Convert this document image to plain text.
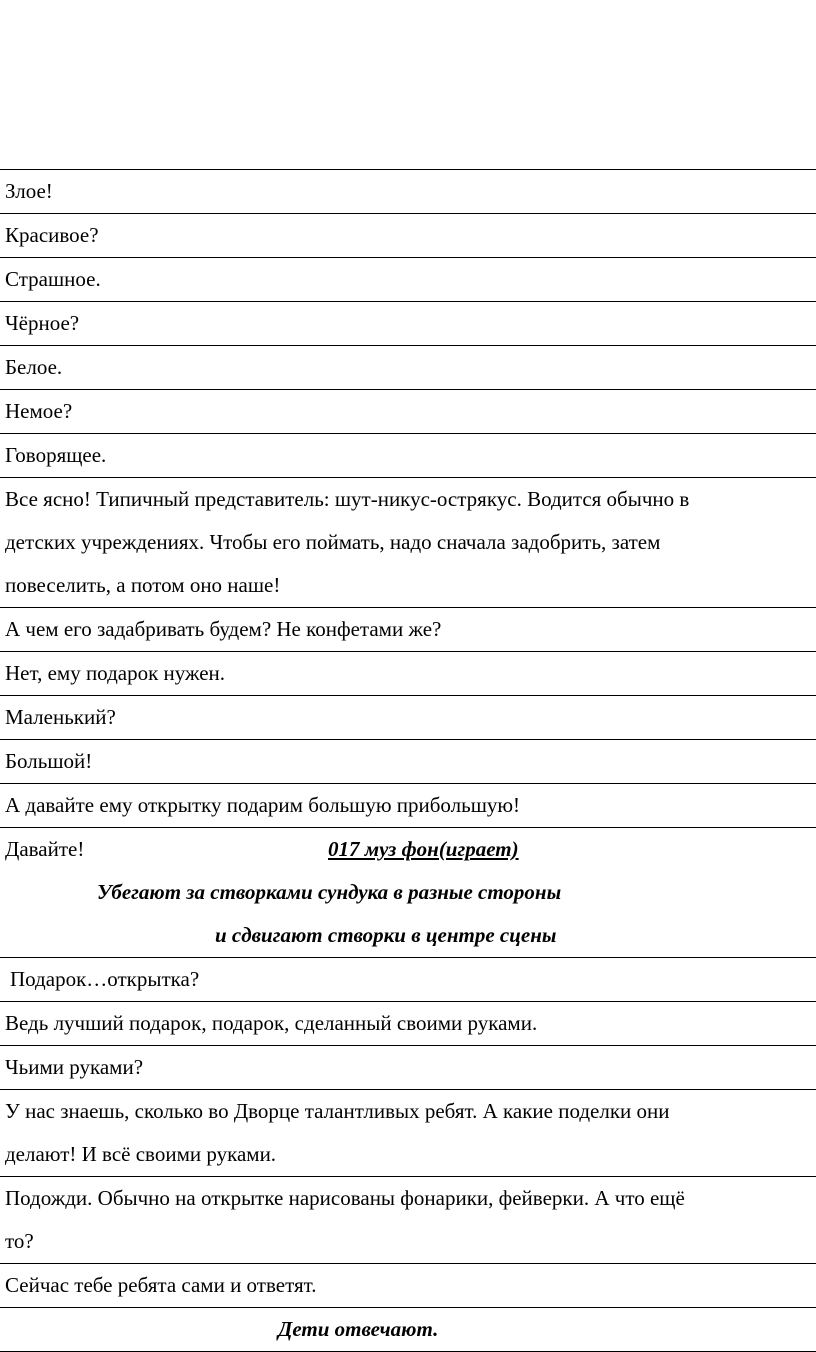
Злое!
Красивое?
Страшное.
Чёрное?
Белое.
Немое?
Говорящее.
Все ясно! Типичный представитель: шут-никус-острякус. Водится обычно в
детских учреждениях. Чтобы его поймать, надо сначала задобрить, затем
повеселить, а потом оно наше!
А чем его задабривать будем? Не конфетами же?
Нет, ему подарок нужен.
Маленький?
Большой!
А давайте ему открытку подарим большую прибольшую!
Давайте!	017 муз фон(играет)
Убегают за створками сундука в разные стороны
и сдвигают створки в центре сцены
Подарок…открытка?
Ведь лучший подарок, подарок, сделанный своими руками.
Чьими руками?
У нас знаешь, сколько во Дворце талантливых ребят. А какие поделки они
делают! И всё своими руками.
Подожди. Обычно на открытке нарисованы фонарики, фейверки. А что ещё
то?
Сейчас тебе ребята сами и ответят.
Дети отвечают.
